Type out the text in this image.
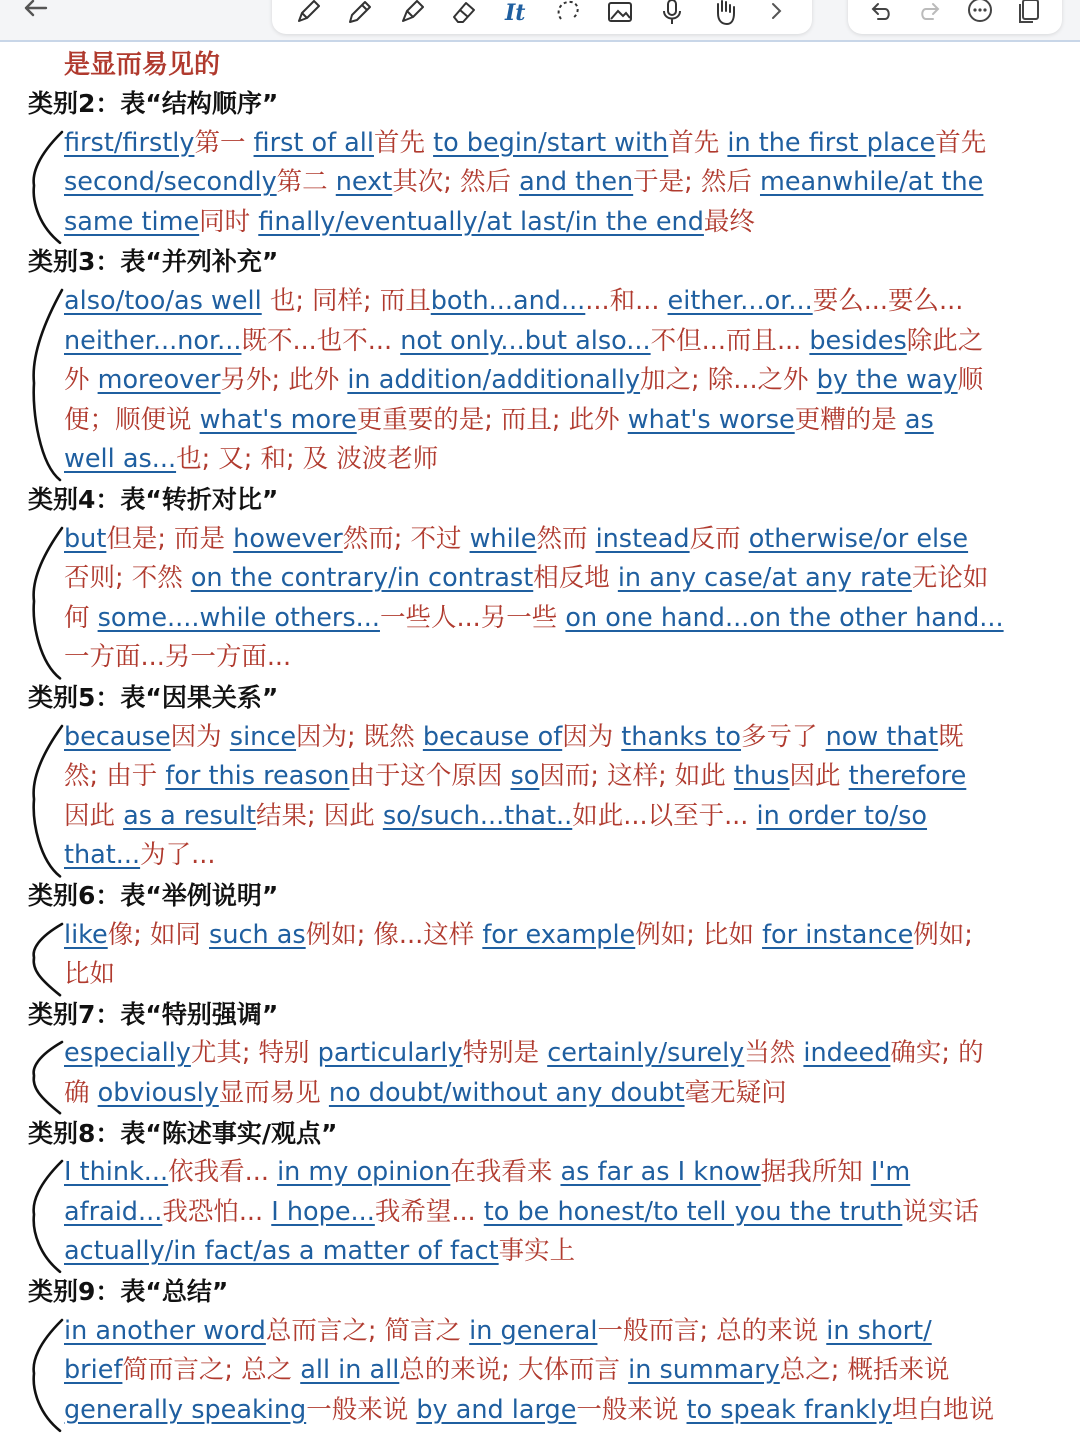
It
是显而易见的
类别2：表“结构顺序”
first/firstly第一 first of all首先 to begin/start with首先 in the first place首先
second/secondly第二 next其次; 然后 and then于是; 然后 meanwhile/at the
same time同时 finally/eventually/at last/in the end最终
类别3：表“并列补充”
also/too/as well 也; 同样; 而且both...and......和... either...or...要么...要么...
neither...nor...既不...也不... not only...but also...不但...而且... besides除此之
外 moreover另外; 此外 in addition/additionally加之; 除...之外 by the way顺
便；顺便说 what's more更重要的是; 而且; 此外 what's worse更糟的是 as
well as...也; 又; 和; 及 波波老师
类别4：表“转折对比”
but但是; 而是 however然而; 不过 while然而 instead反而 otherwise/or else
否则; 不然 on the contrary/in contrast相反地 in any case/at any rate无论如
何 some....while others...一些人...另一些 on one hand...on the other hand...
一方面...另一方面...
类别5：表“因果关系”
because因为 since因为; 既然 because of因为 thanks to多亏了 now that既
然; 由于 for this reason由于这个原因 so因而; 这样; 如此 thus因此 therefore
因此 as a result结果; 因此 so/such...that..如此...以至于... in order to/so
that...为了...
类别6：表“举例说明”
like像; 如同 such as例如; 像...这样 for example例如; 比如 for instance例如;
比如
类别7：表“特别强调”
especially尤其; 特别 particularly特别是 certainly/surely当然 indeed确实; 的
确 obviously显而易见 no doubt/without any doubt毫无疑问
类别8：表“陈述事实/观点”
I think...依我看... in my opinion在我看来 as far as I know据我所知 I'm
afraid...我恐怕... I hope...我希望... to be honest/to tell you the truth说实话
actually/in fact/as a matter of fact事实上
类别9：表“总结”
in another word总而言之; 简言之 in general一般而言; 总的来说 in short/
brief简而言之; 总之 all in all总的来说; 大体而言 in summary总之; 概括来说
generally speaking一般来说 by and large一般来说 to speak frankly坦白地说
